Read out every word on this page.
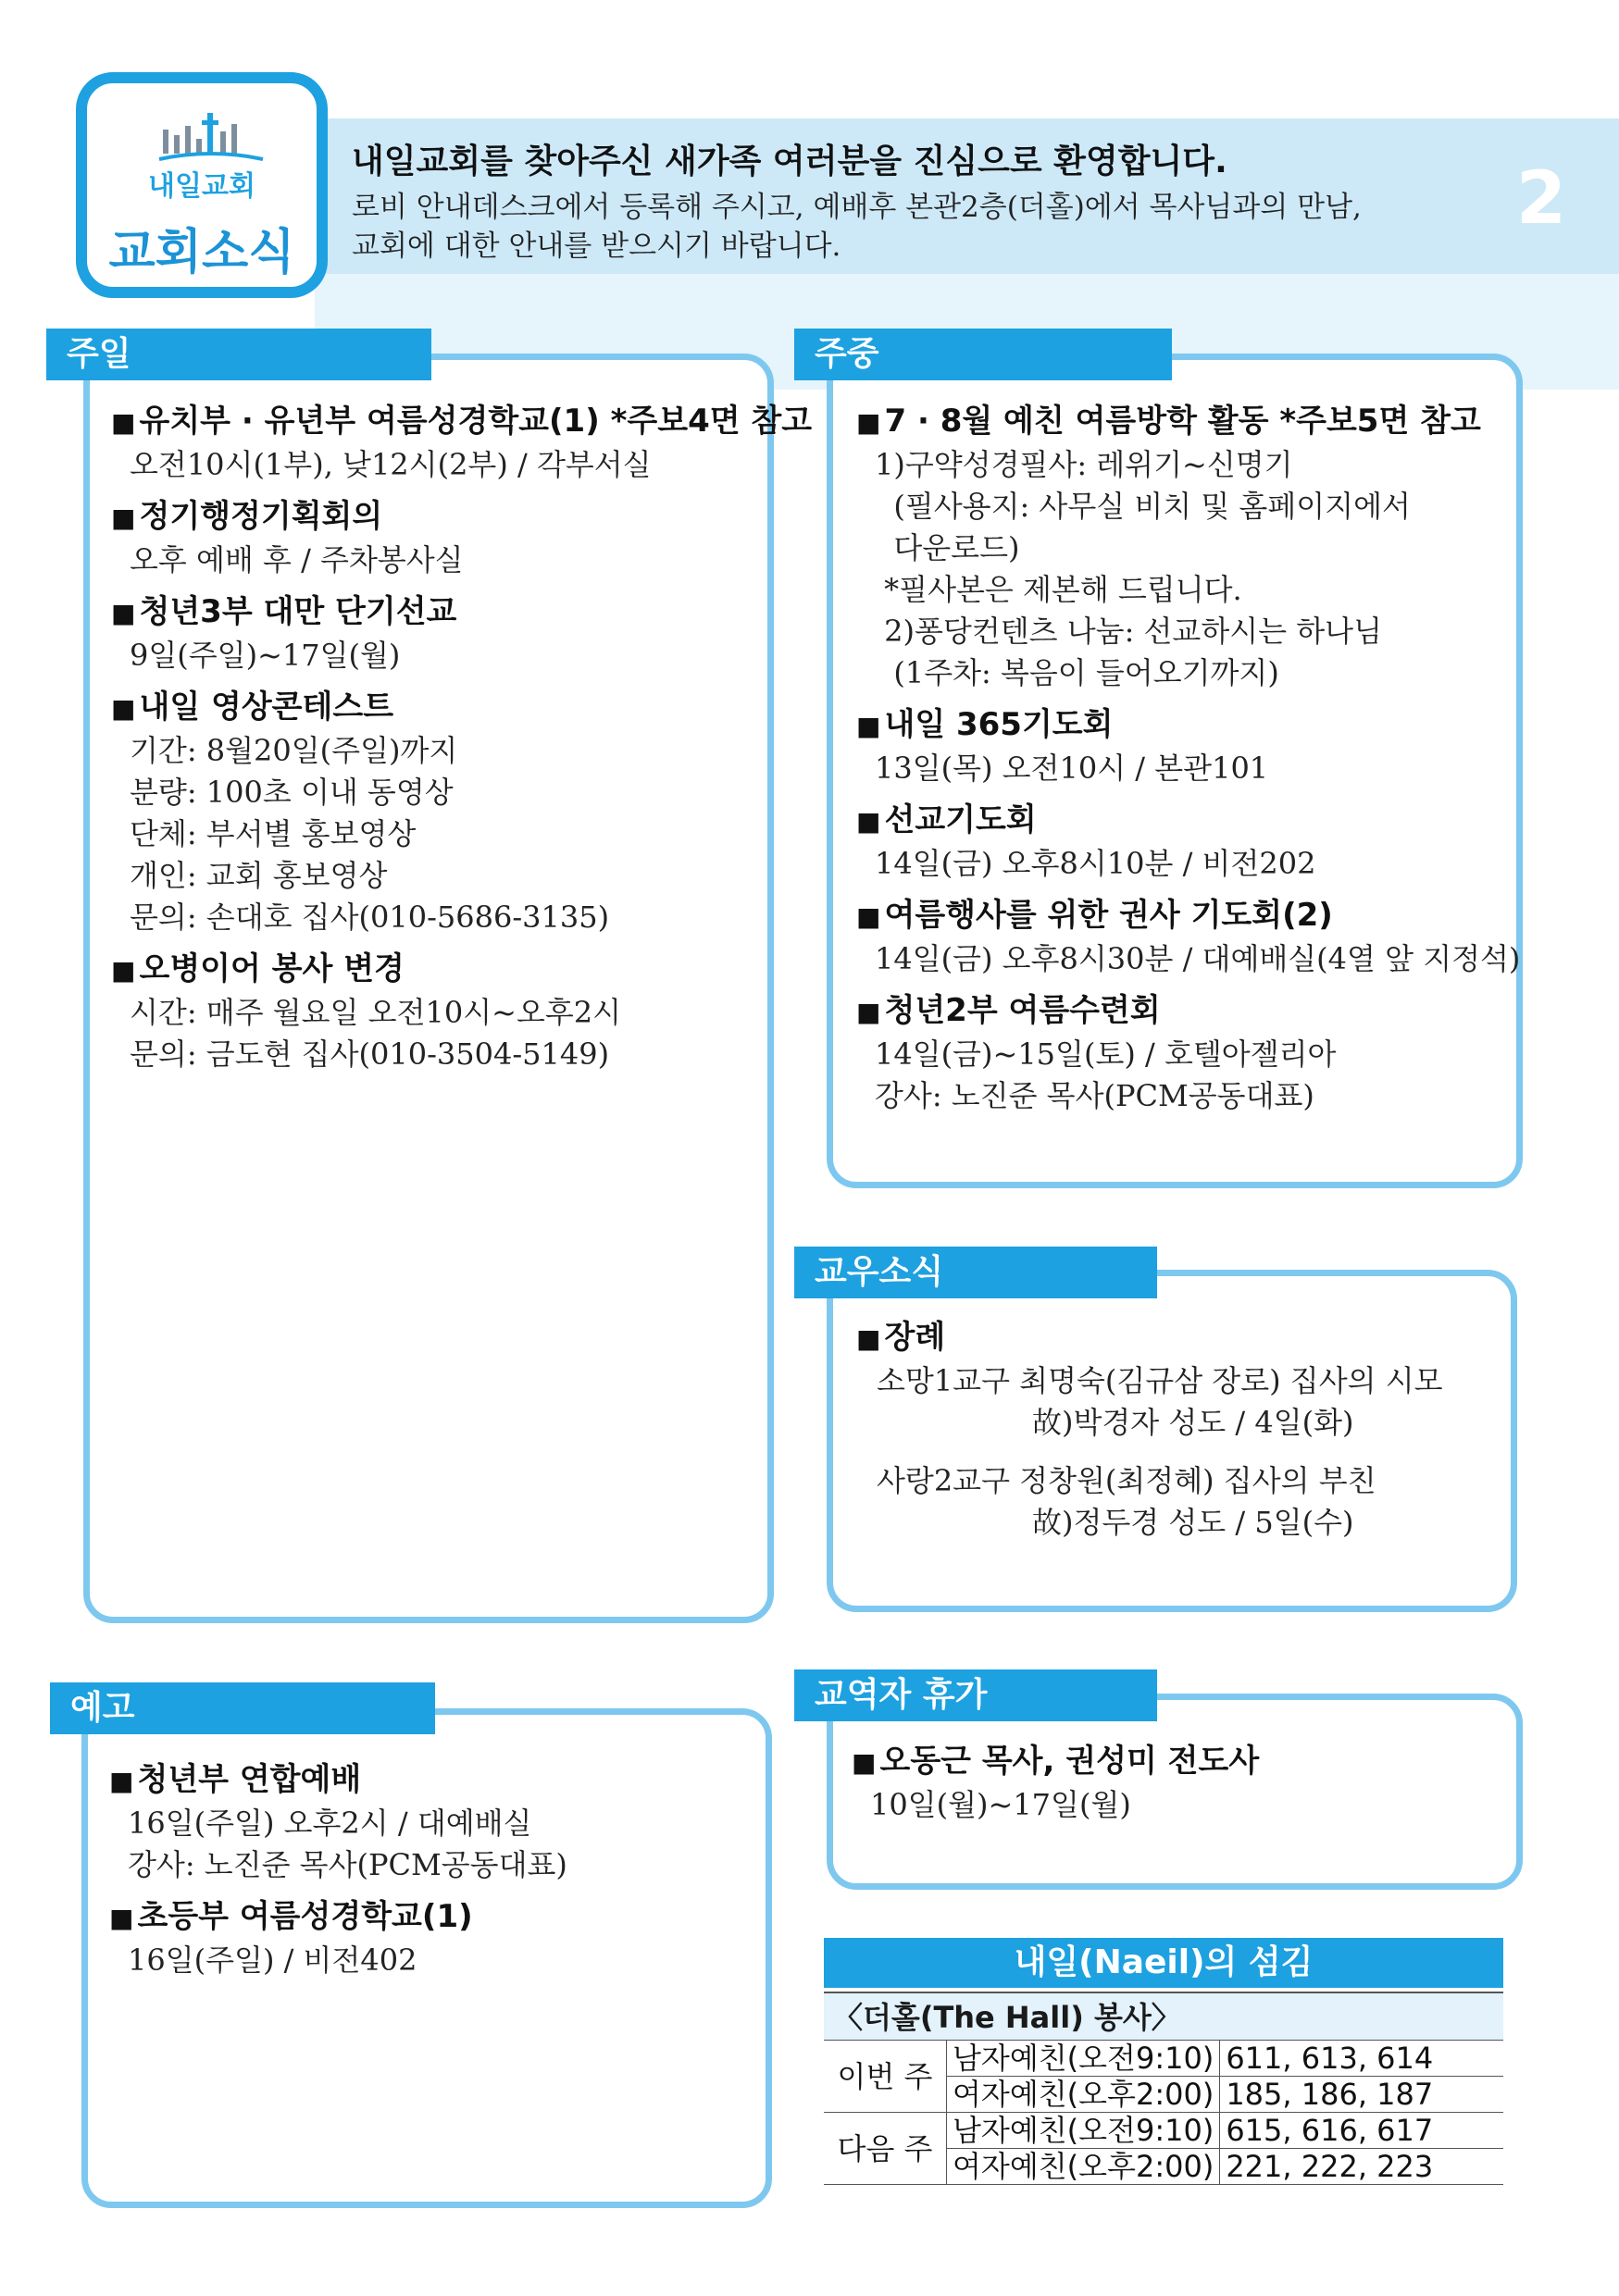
내일교회
교회소식
내일교회를 찾아주신 새가족 여러분을 진심으로 환영합니다.
로비 안내데스크에서 등록해 주시고, 예배후 본관2층(더홀)에서 목사님과의 만남,
교회에 대한 안내를 받으시기 바랍니다.
2
주일
■ 유치부 · 유년부 여름성경학교(1) *주보4면 참고
오전10시(1부), 낮12시(2부) / 각부서실
■ 정기행정기획회의
오후 예배 후 / 주차봉사실
■ 청년3부 대만 단기선교
9일(주일)~17일(월)
■ 내일 영상콘테스트
기간: 8월20일(주일)까지
분량: 100초 이내 동영상
단체: 부서별 홍보영상
개인: 교회 홍보영상
문의: 손대호 집사(010-5686-3135)
■ 오병이어 봉사 변경
시간: 매주 월요일 오전10시~오후2시
문의: 금도현 집사(010-3504-5149)
주중
■ 7 · 8월 예친 여름방학 활동 *주보5면 참고
1)구약성경필사: 레위기~신명기
(필사용지: 사무실 비치 및 홈페이지에서
다운로드)
*필사본은 제본해 드립니다.
2)퐁당컨텐츠 나눔: 선교하시는 하나님
(1주차: 복음이 들어오기까지)
■ 내일 365기도회
13일(목) 오전10시 / 본관101
■ 선교기도회
14일(금) 오후8시10분 / 비전202
■ 여름행사를 위한 권사 기도회(2)
14일(금) 오후8시30분 / 대예배실(4열 앞 지정석)
■ 청년2부 여름수련회
14일(금)~15일(토) / 호텔아젤리아
강사: 노진준 목사(PCM공동대표)
교우소식
■ 장례
소망1교구 최명숙(김규삼 장로) 집사의 시모
故)박경자 성도 / 4일(화)
사랑2교구 정창원(최정혜) 집사의 부친
故)정두경 성도 / 5일(수)
예고
■ 청년부 연합예배
16일(주일) 오후2시 / 대예배실
강사: 노진준 목사(PCM공동대표)
■ 초등부 여름성경학교(1)
16일(주일) / 비전402
교역자 휴가
■ 오동근 목사, 권성미 전도사
10일(월)~17일(월)
내일(Naeil)의 섬김
〈더홀(The Hall) 봉사〉
이번 주	남자예친(오전9:10)	611, 613, 614
	여자예친(오후2:00)	185, 186, 187
다음 주	남자예친(오전9:10)	615, 616, 617
	여자예친(오후2:00)	221, 222, 223
